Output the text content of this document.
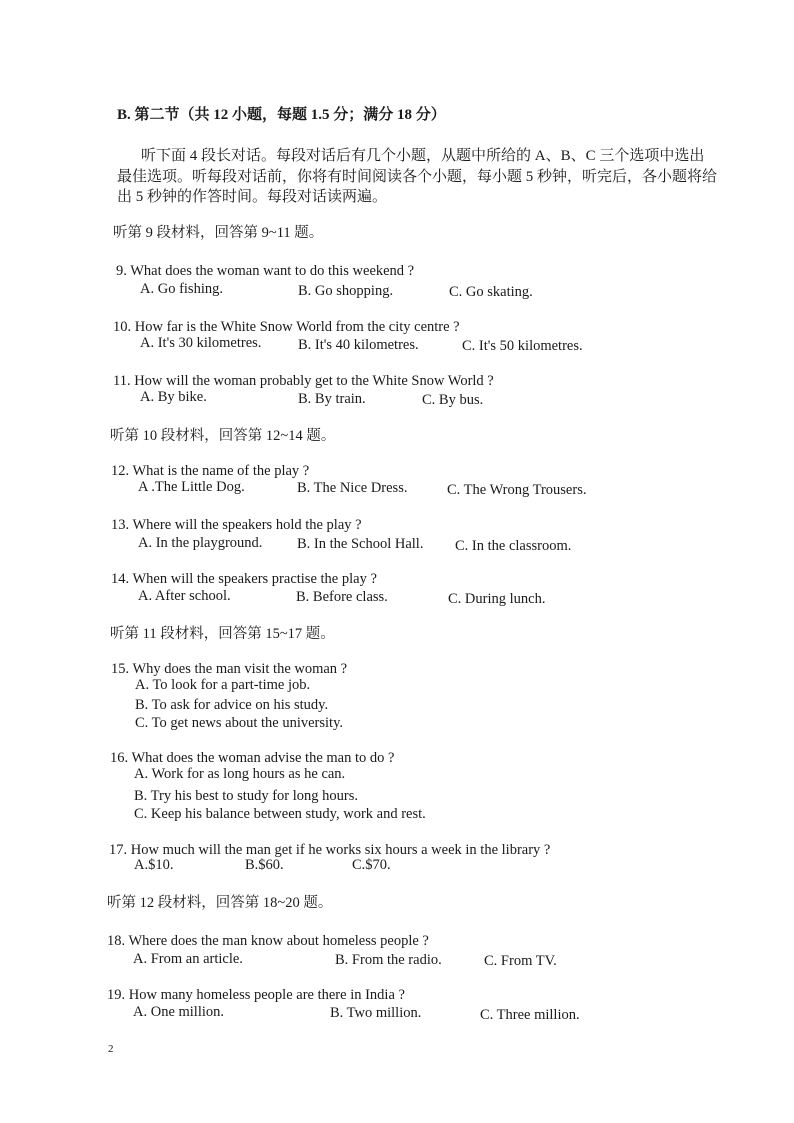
B. 第二节（共 12 小题，每题 1.5 分；满分 18 分）
听下面 4 段长对话。每段对话后有几个小题，从题中所给的 A、B、C 三个选项中选出
最佳选项。听每段对话前，你将有时间阅读各个小题，每小题 5 秒钟，听完后，各小题将给
出 5 秒钟的作答时间。每段对话读两遍。
听第 9 段材料，回答第 9~11 题。
9. What does the woman want to do this weekend ?
A. Go fishing.	B. Go shopping.	C. Go skating.
10. How far is the White Snow World from the city centre ?
A. It's 30 kilometres.	B. It's 40 kilometres.	C. It's 50 kilometres.
11. How will the woman probably get to the White Snow World ?
A. By bike.	B. By train.	C. By bus.
听第 10 段材料，回答第 12~14 题。
12. What is the name of the play ?
A .The Little Dog.	B. The Nice Dress.	C. The Wrong Trousers.
13. Where will the speakers hold the play ?
A. In the playground. B. In the School Hall. C. In the classroom.
14. When will the speakers practise the play ?
A. After school.	B. Before class.	C. During lunch.
听第 11 段材料，回答第 15~17 题。
15. Why does the man visit the woman ?
A. To look for a part-time job.
B. To ask for advice on his study.
C. To get news about the university.
16. What does the woman advise the man to do ?
A. Work for as long hours as he can.
B. Try his best to study for long hours.
C. Keep his balance between study, work and rest.
17. How much will the man get if he works six hours a week in the library ?
A.$10.	B.$60.	C.$70.
听第 12 段材料，回答第 18~20 题。
18. Where does the man know about homeless people ?
A. From an article.	B. From the radio.	C. From TV.
19. How many homeless people are there in India ?
A. One million.	B. Two million.	C. Three million.
2
